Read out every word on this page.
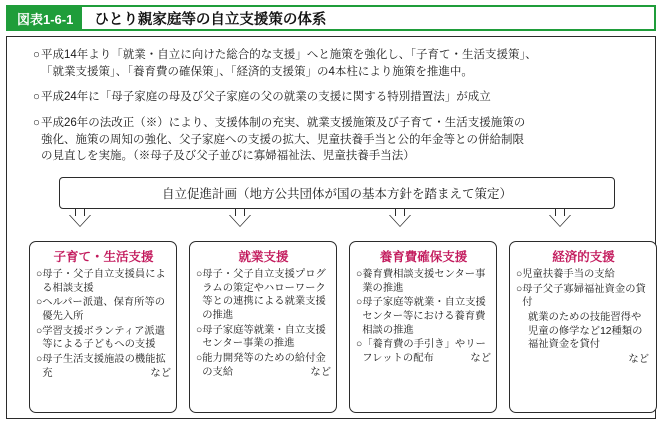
図表1-6-1	ひとり親家庭等の自立支援策の体系
○ 平成14年より「就業・自立に向けた総合的な支援」へと施策を強化し、「子育て・生活支援策」、
「就業支援策」、「養育費の確保策」、「経済的支援策」の4本柱により施策を推進中。
○ 平成24年に「母子家庭の母及び父子家庭の父の就業の支援に関する特別措置法」が成立
○ 平成26年の法改正（※）により、支援体制の充実、就業支援施策及び子育て・生活支援施策の
強化、施策の周知の強化、父子家庭への支援の拡大、児童扶養手当と公的年金等との併給制限
の見直しを実施。（※母子及び父子並びに寡婦福祉法、児童扶養手当法）
自立促進計画（地方公共団体が国の基本方針を踏まえて策定）
子育て・生活支援
○ 母子・父子自立支援員による相談支援
○ ヘルパー派遣、保育所等の優先入所
○ 学習支援ボランティア派遣等による子どもへの支援
○ 母子生活支援施設の機能拡充	など
就業支援
○ 母子・父子自立支援プログラムの策定やハローワーク等との連携による就業支援の推進
○ 母子家庭等就業・自立支援センター事業の推進
○ 能力開発等のための給付金の支給	など
養育費確保支援
○ 養育費相談支援センター事業の推進
○ 母子家庭等就業・自立支援センター等における養育費相談の推進
○ 「養育費の手引き」やリーフレットの配布	など
経済的支援
○ 児童扶養手当の支給
○ 母子父子寡婦福祉資金の貸付
就業のための技能習得や児童の修学など12種類の福祉資金を貸付
など
